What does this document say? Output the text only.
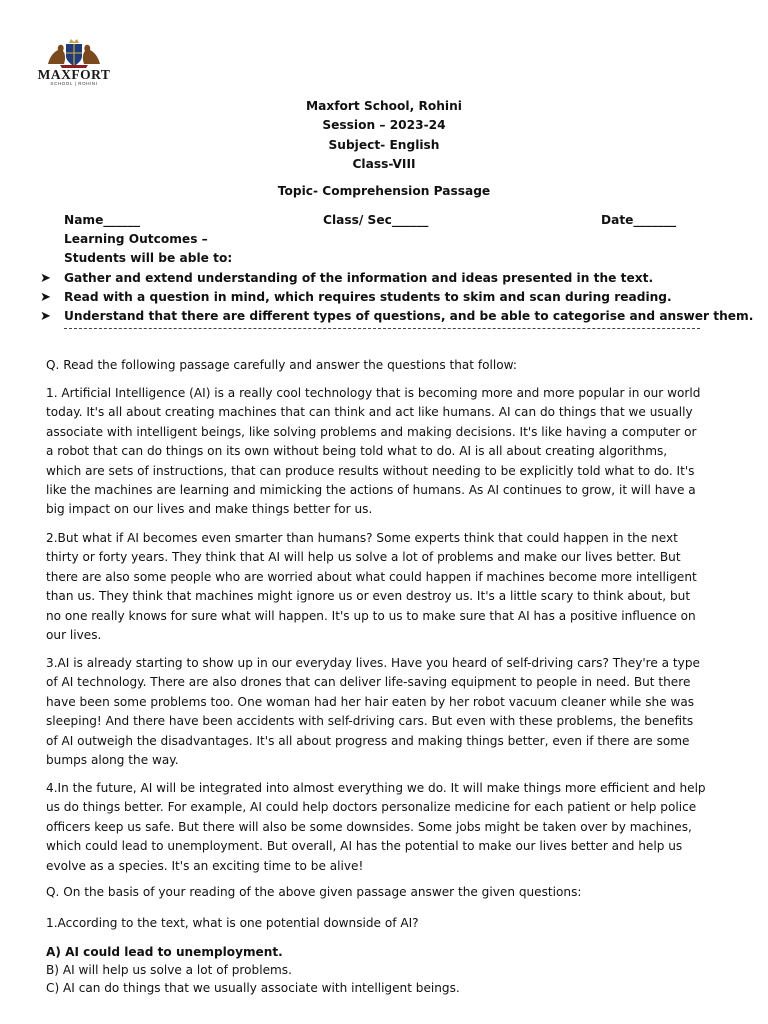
MAXFORT
SCHOOL | ROHINI
Maxfort School, Rohini
Session – 2023-24
Subject- English
Class-VIII
Topic- Comprehension Passage
Name______	Class/ Sec______	Date_______
Learning Outcomes –
Students will be able to:
➤ Gather and extend understanding of the information and ideas presented in the text.
➤ Read with a question in mind, which requires students to skim and scan during reading.
➤ Understand that there are different types of questions, and be able to categorise and answer them.
Q. Read the following passage carefully and answer the questions that follow:
1. Artificial Intelligence (AI) is a really cool technology that is becoming more and more popular in our world today. It's all about creating machines that can think and act like humans. AI can do things that we usually associate with intelligent beings, like solving problems and making decisions. It's like having a computer or a robot that can do things on its own without being told what to do. AI is all about creating algorithms, which are sets of instructions, that can produce results without needing to be explicitly told what to do. It's like the machines are learning and mimicking the actions of humans. As AI continues to grow, it will have a big impact on our lives and make things better for us.
2.But what if AI becomes even smarter than humans? Some experts think that could happen in the next thirty or forty years. They think that AI will help us solve a lot of problems and make our lives better. But there are also some people who are worried about what could happen if machines become more intelligent than us. They think that machines might ignore us or even destroy us. It's a little scary to think about, but no one really knows for sure what will happen. It's up to us to make sure that AI has a positive influence on our lives.
3.AI is already starting to show up in our everyday lives. Have you heard of self-driving cars? They're a type of AI technology. There are also drones that can deliver life-saving equipment to people in need. But there have been some problems too. One woman had her hair eaten by her robot vacuum cleaner while she was sleeping! And there have been accidents with self-driving cars. But even with these problems, the benefits of AI outweigh the disadvantages. It's all about progress and making things better, even if there are some bumps along the way.
4.In the future, AI will be integrated into almost everything we do. It will make things more efficient and help us do things better. For example, AI could help doctors personalize medicine for each patient or help police officers keep us safe. But there will also be some downsides. Some jobs might be taken over by machines, which could lead to unemployment. But overall, AI has the potential to make our lives better and help us evolve as a species. It's an exciting time to be alive!
Q. On the basis of your reading of the above given passage answer the given questions:
1.According to the text, what is one potential downside of AI?
A) AI could lead to unemployment.
B) AI will help us solve a lot of problems.
C) AI can do things that we usually associate with intelligent beings.
